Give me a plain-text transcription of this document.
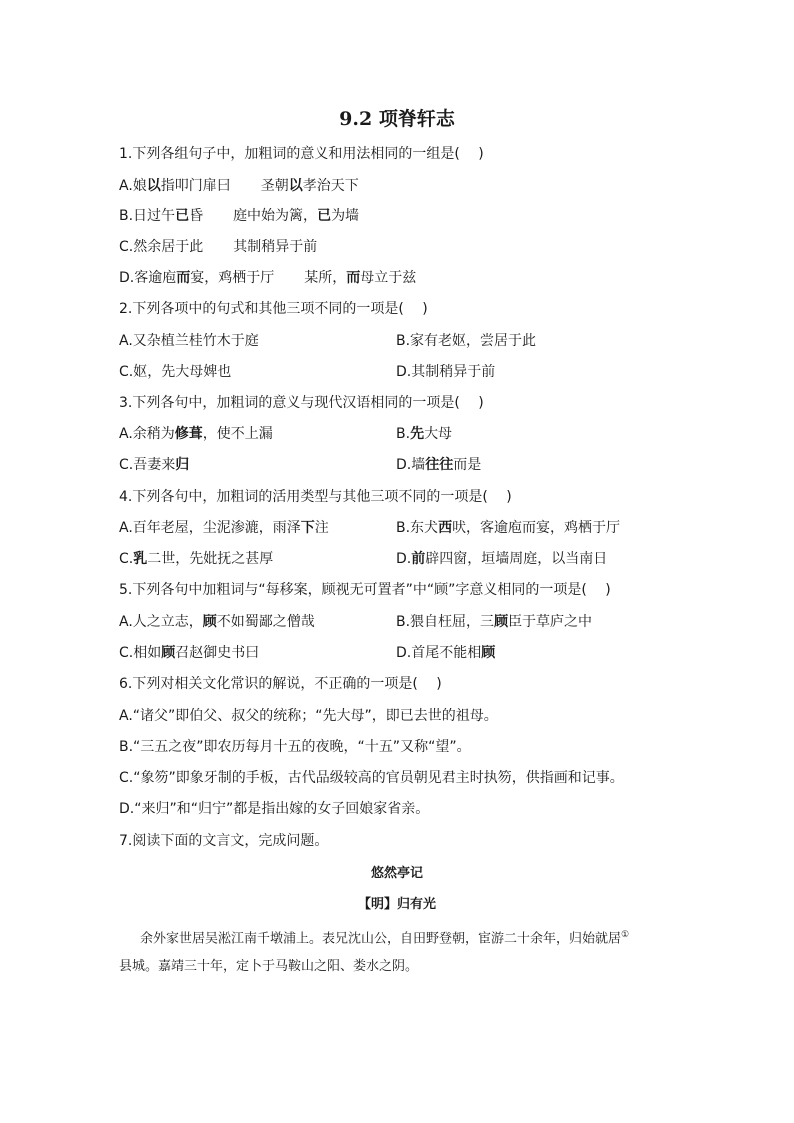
9.2 项脊轩志
1.下列各组句子中，加粗词的意义和用法相同的一组是(　 )
A.娘以指叩门扉曰 圣朝以孝治天下
B.日过午已昏 庭中始为篱，已为墙
C.然余居于此 其制稍异于前
D.客逾庖而宴，鸡栖于厅 某所，而母立于兹
2.下列各项中的句式和其他三项不同的一项是(　 )
A.又杂植兰桂竹木于庭	B.家有老妪，尝居于此
C.妪，先大母婢也	D.其制稍异于前
3.下列各句中，加粗词的意义与现代汉语相同的一项是(　 )
A.余稍为修葺，使不上漏	B.先大母
C.吾妻来归	D.墙往往而是
4.下列各句中，加粗词的活用类型与其他三项不同的一项是(　 )
A.百年老屋，尘泥渗漉，雨泽下注	B.东犬西吠，客逾庖而宴，鸡栖于厅
C.乳二世，先妣抚之甚厚	D.前辟四窗，垣墙周庭，以当南日
5.下列各句中加粗词与“每移案，顾视无可置者”中“顾”字意义相同的一项是(　 )
A.人之立志，顾不如蜀鄙之僧哉	B.猥自枉屈，三顾臣于草庐之中
C.相如顾召赵御史书曰	D.首尾不能相顾
6.下列对相关文化常识的解说，不正确的一项是(　 )
A.“诸父”即伯父、叔父的统称；“先大母”，即已去世的祖母。
B.“三五之夜”即农历每月十五的夜晚，“十五”又称“望”。
C.“象笏”即象牙制的手板，古代品级较高的官员朝见君主时执笏，供指画和记事。
D.“来归”和“归宁”都是指出嫁的女子回娘家省亲。
7.阅读下面的文言文，完成问题。
悠然亭记
【明】归有光
余外家世居吴淞江南千墩浦上。表兄沈山公，自田野登朝，宦游二十余年，归始就居①
县城。嘉靖三十年，定卜于马鞍山之阳、娄水之阴。
